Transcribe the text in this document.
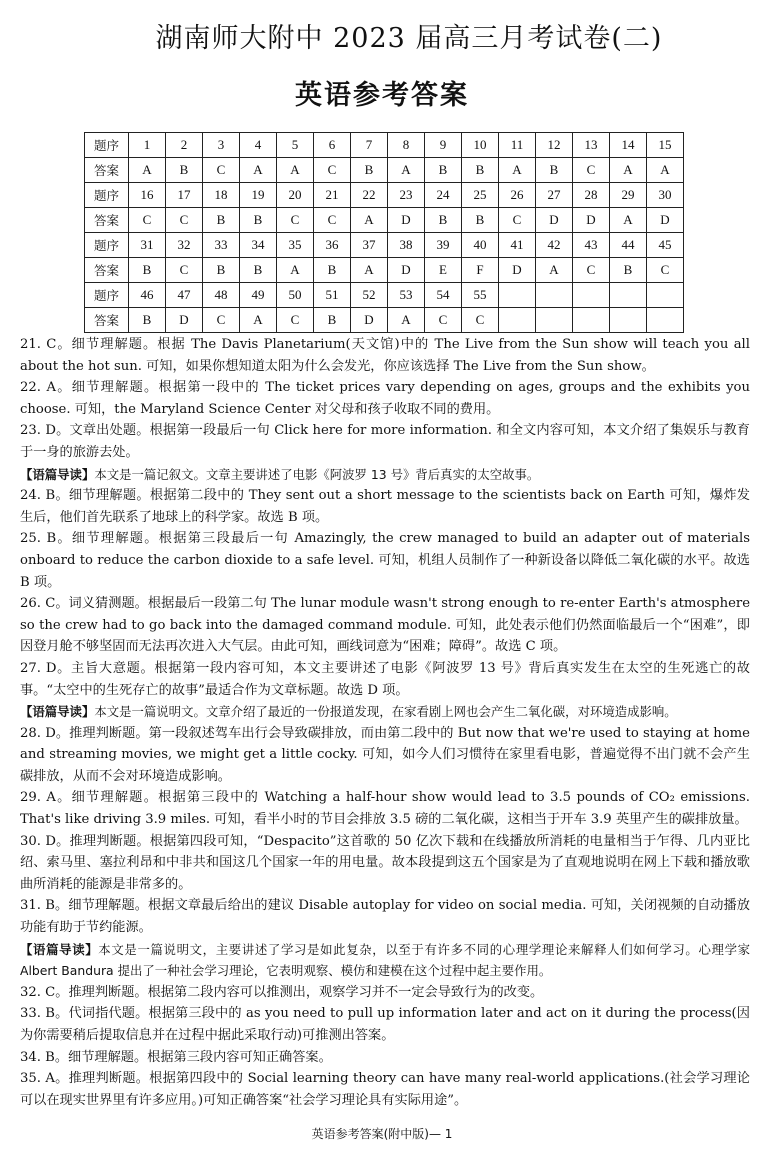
湖南师大附中 2023 届高三月考试卷(二)
英语参考答案
题序	1	2	3	4	5	6	7	8	9	10	11	12	13	14	15
答案	A	B	C	A	A	C	B	A	B	B	A	B	C	A	A
题序	16	17	18	19	20	21	22	23	24	25	26	27	28	29	30
答案	C	C	B	B	C	C	A	D	B	B	C	D	D	A	D
题序	31	32	33	34	35	36	37	38	39	40	41	42	43	44	45
答案	B	C	B	B	A	B	A	D	E	F	D	A	C	B	C
题序	46	47	48	49	50	51	52	53	54	55					
答案	B	D	C	A	C	B	D	A	C	C					

21. C。细节理解题。根据 The Davis Planetarium(天文馆)中的 The Live from the Sun show will teach you all about the hot sun. 可知，如果你想知道太阳为什么会发光，你应该选择 The Live from the Sun show。

22. A。细节理解题。根据第一段中的 The ticket prices vary depending on ages, groups and the exhibits you choose. 可知，the Maryland Science Center 对父母和孩子收取不同的费用。

23. D。文章出处题。根据第一段最后一句 Click here for more information. 和全文内容可知，本文介绍了集娱乐与教育于一身的旅游去处。

【语篇导读】本文是一篇记叙文。文章主要讲述了电影《阿波罗 13 号》背后真实的太空故事。

24. B。细节理解题。根据第二段中的 They sent out a short message to the scientists back on Earth 可知，爆炸发生后，他们首先联系了地球上的科学家。故选 B 项。

25. B。细节理解题。根据第三段最后一句 Amazingly, the crew managed to build an adapter out of materials onboard to reduce the carbon dioxide to a safe level. 可知，机组人员制作了一种新设备以降低二氧化碳的水平。故选 B 项。

26. C。词义猜测题。根据最后一段第二句 The lunar module wasn't strong enough to re-enter Earth's atmosphere so the crew had to go back into the damaged command module. 可知，此处表示他们仍然面临最后一个“困难”，即因登月舱不够坚固而无法再次进入大气层。由此可知，画线词意为“困难；障碍”。故选 C 项。

27. D。主旨大意题。根据第一段内容可知，本文主要讲述了电影《阿波罗 13 号》背后真实发生在太空的生死逃亡的故事。“太空中的生死存亡的故事”最适合作为文章标题。故选 D 项。

【语篇导读】本文是一篇说明文。文章介绍了最近的一份报道发现，在家看剧上网也会产生二氧化碳，对环境造成影响。

28. D。推理判断题。第一段叙述驾车出行会导致碳排放，而由第二段中的 But now that we're used to staying at home and streaming movies, we might get a little cocky. 可知，如今人们习惯待在家里看电影，普遍觉得不出门就不会产生碳排放，从而不会对环境造成影响。

29. A。细节理解题。根据第三段中的 Watching a half-hour show would lead to 3.5 pounds of CO₂ emissions. That's like driving 3.9 miles. 可知，看半小时的节目会排放 3.5 磅的二氧化碳，这相当于开车 3.9 英里产生的碳排放量。

30. D。推理判断题。根据第四段可知，“Despacito”这首歌的 50 亿次下载和在线播放所消耗的电量相当于乍得、几内亚比绍、索马里、塞拉利昂和中非共和国这几个国家一年的用电量。故本段提到这五个国家是为了直观地说明在网上下载和播放歌曲所消耗的能源是非常多的。

31. B。细节理解题。根据文章最后给出的建议 Disable autoplay for video on social media. 可知，关闭视频的自动播放功能有助于节约能源。

【语篇导读】本文是一篇说明文，主要讲述了学习是如此复杂，以至于有许多不同的心理学理论来解释人们如何学习。心理学家 Albert Bandura 提出了一种社会学习理论，它表明观察、模仿和建模在这个过程中起主要作用。

32. C。推理判断题。根据第二段内容可以推测出，观察学习并不一定会导致行为的改变。

33. B。代词指代题。根据第三段中的 as you need to pull up information later and act on it during the process(因为你需要稍后提取信息并在过程中据此采取行动)可推测出答案。

34. B。细节理解题。根据第三段内容可知正确答案。

35. A。推理判断题。根据第四段中的 Social learning theory can have many real-world applications.(社会学习理论可以在现实世界里有许多应用。)可知正确答案“社会学习理论具有实际用途”。

英语参考答案(附中版)— 1
